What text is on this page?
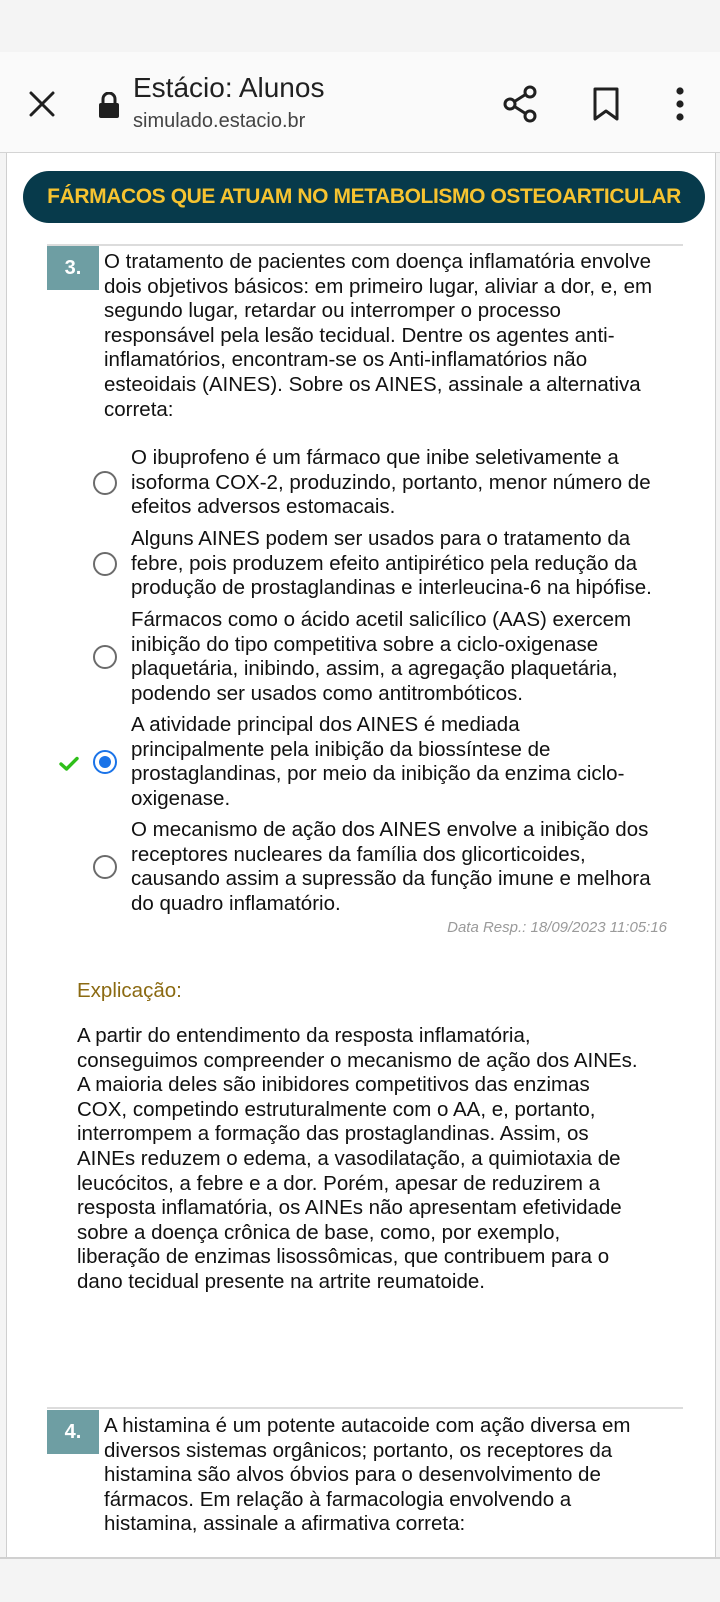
Estácio: Alunos
simulado.estacio.br
FÁRMACOS QUE ATUAM NO METABOLISMO OSTEOARTICULAR
3.	O tratamento de pacientes com doença inflamatória envolve dois objetivos básicos: em primeiro lugar, aliviar a dor, e, em segundo lugar, retardar ou interromper o processo responsável pela lesão tecidual. Dentre os agentes anti-inflamatórios, encontram-se os Anti-inflamatórios não esteoidais (AINES). Sobre os AINES, assinale a alternativa correta:
O ibuprofeno é um fármaco que inibe seletivamente a isoforma COX-2, produzindo, portanto, menor número de efeitos adversos estomacais.
Alguns AINES podem ser usados para o tratamento da febre, pois produzem efeito antipirético pela redução da produção de prostaglandinas e interleucina-6 na hipófise.
Fármacos como o ácido acetil salicílico (AAS) exercem inibição do tipo competitiva sobre a ciclo-oxigenase plaquetária, inibindo, assim, a agregação plaquetária, podendo ser usados como antitrombóticos.
A atividade principal dos AINES é mediada principalmente pela inibição da biossíntese de prostaglandinas, por meio da inibição da enzima ciclo-oxigenase.
O mecanismo de ação dos AINES envolve a inibição dos receptores nucleares da família dos glicorticoides, causando assim a supressão da função imune e melhora do quadro inflamatório.
Data Resp.: 18/09/2023 11:05:16
Explicação:
A partir do entendimento da resposta inflamatória, conseguimos compreender o mecanismo de ação dos AINEs. A maioria deles são inibidores competitivos das enzimas COX, competindo estruturalmente com o AA, e, portanto, interrompem a formação das prostaglandinas. Assim, os AINEs reduzem o edema, a vasodilatação, a quimiotaxia de leucócitos, a febre e a dor. Porém, apesar de reduzirem a resposta inflamatória, os AINEs não apresentam efetividade sobre a doença crônica de base, como, por exemplo, liberação de enzimas lisossômicas, que contribuem para o dano tecidual presente na artrite reumatoide.
4.	A histamina é um potente autacoide com ação diversa em diversos sistemas orgânicos; portanto, os receptores da histamina são alvos óbvios para o desenvolvimento de fármacos. Em relação à farmacologia envolvendo a histamina, assinale a afirmativa correta:
